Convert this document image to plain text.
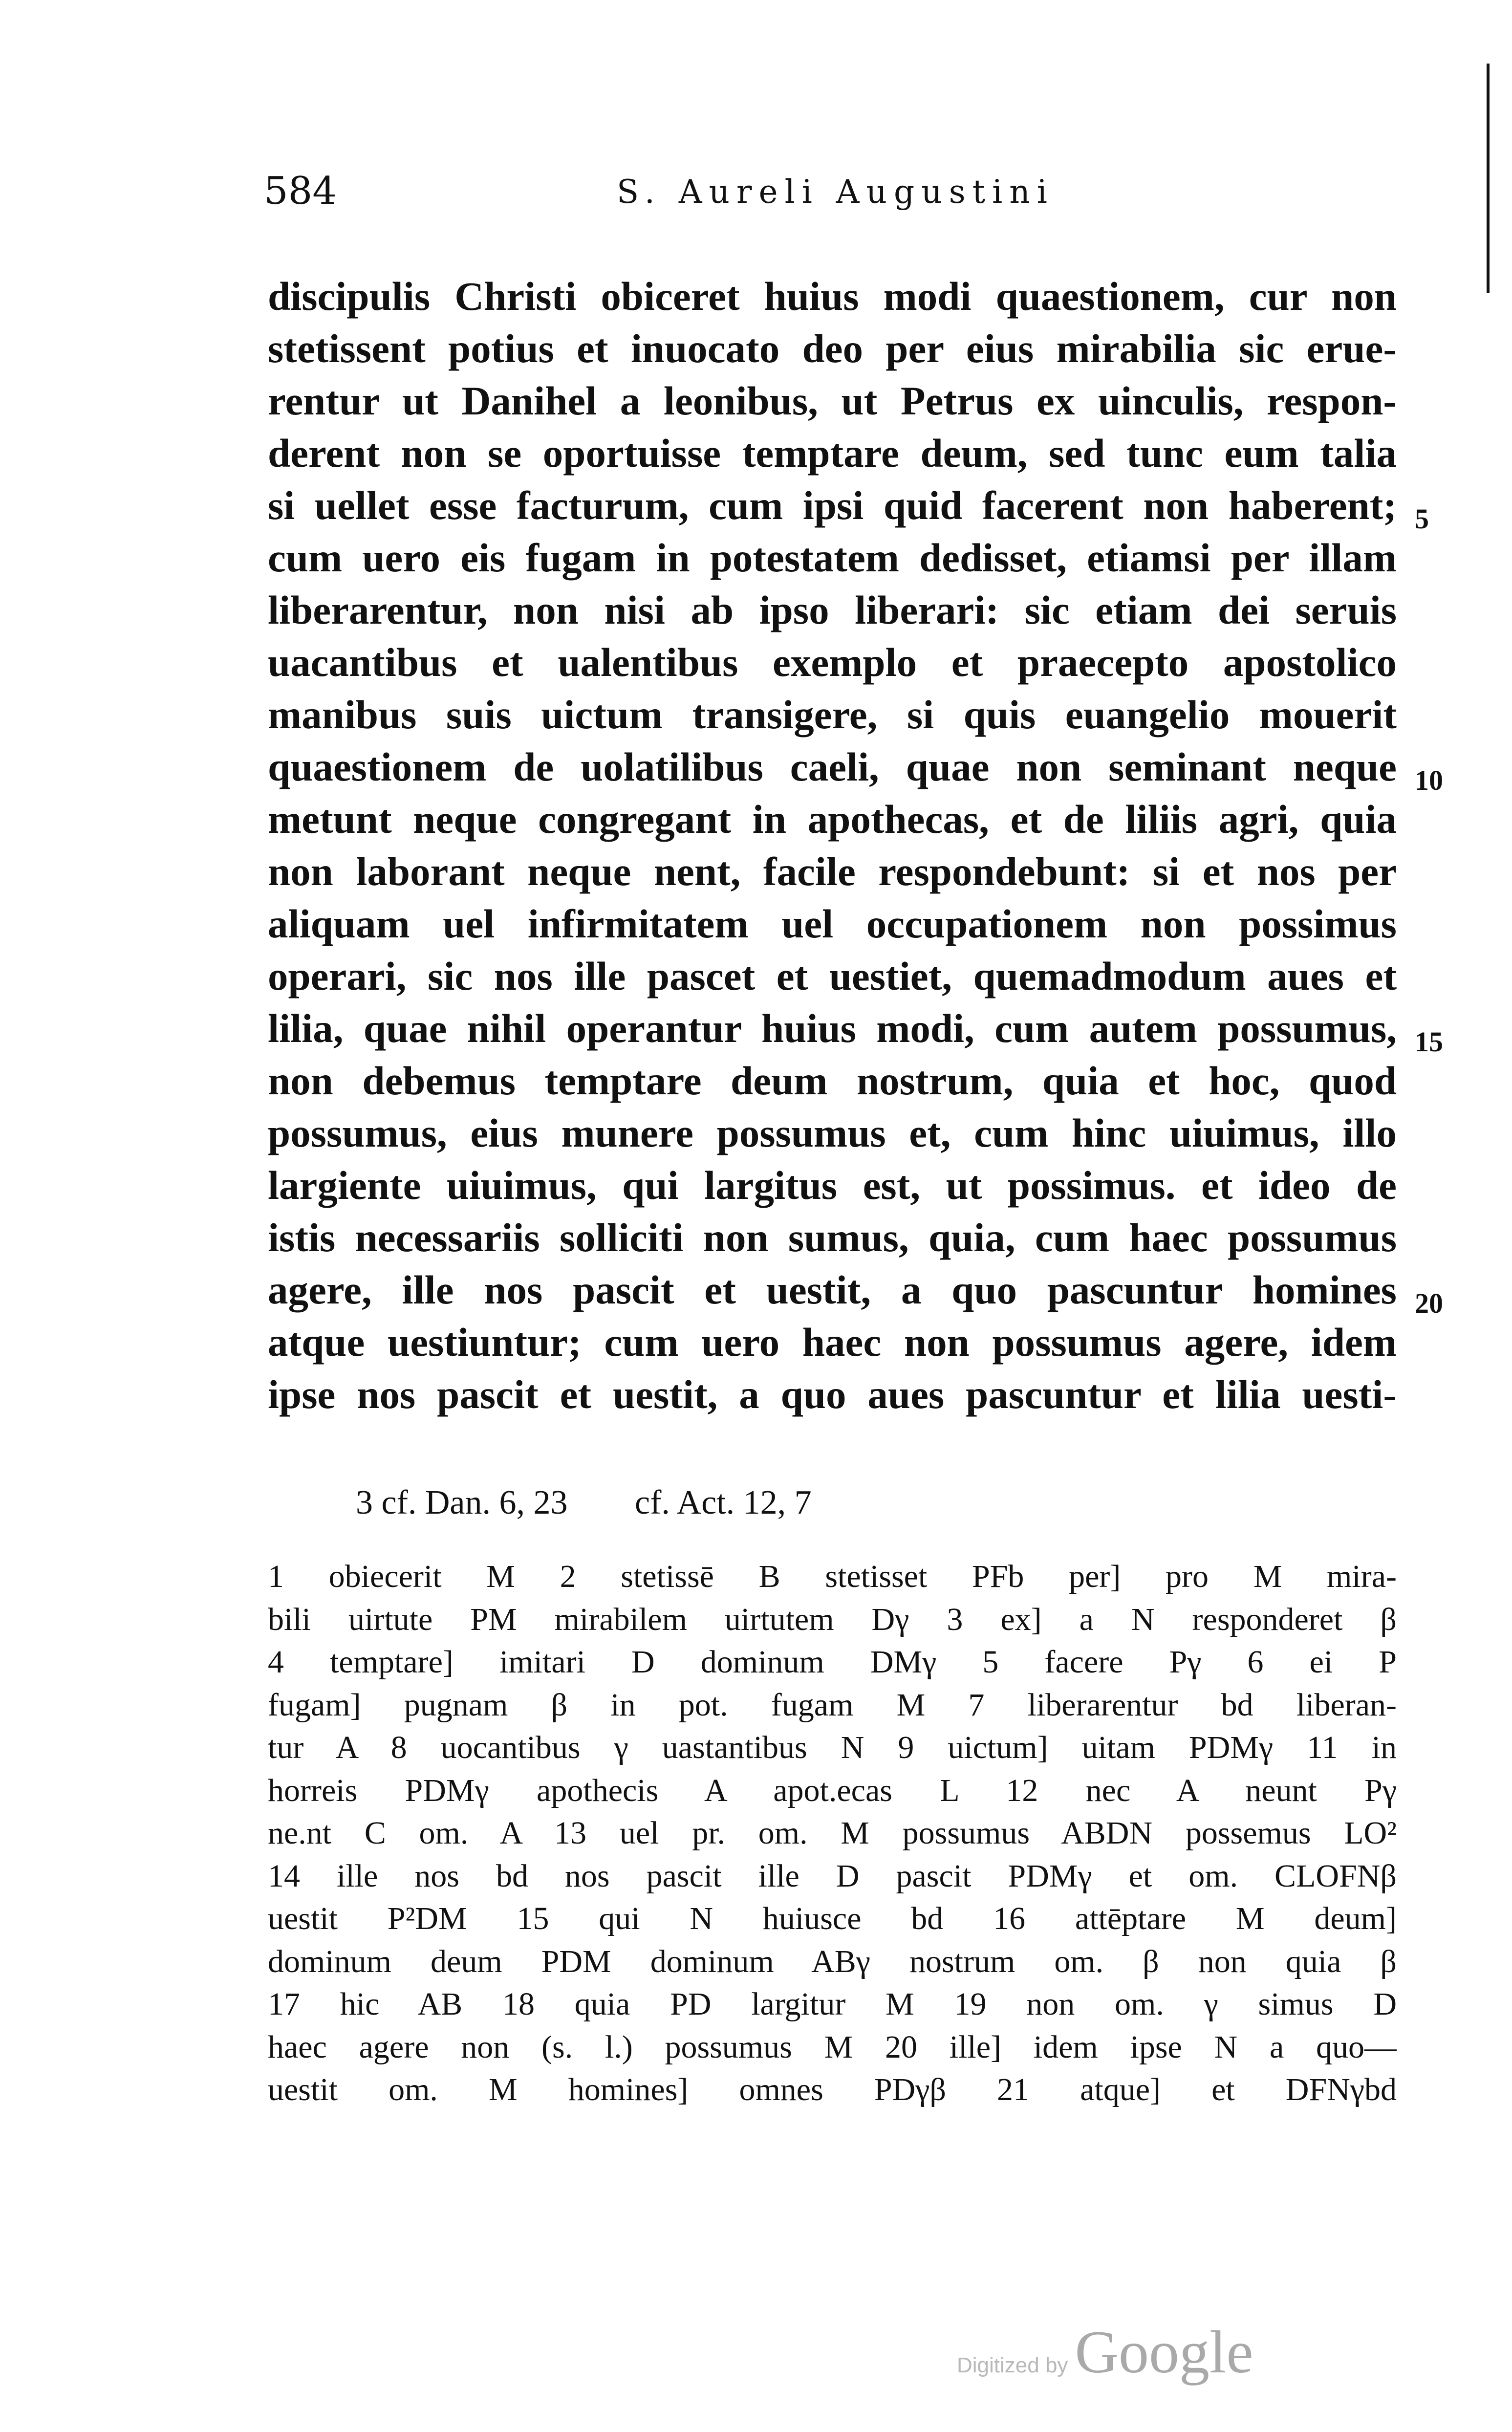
584	S. Aureli Augustini
discipulis Christi obiceret huius modi quaestionem, cur non
stetissent potius et inuocato deo per eius mirabilia sic erue-
rentur ut Danihel a leonibus, ut Petrus ex uinculis, respon-
derent non se oportuisse temptare deum, sed tunc eum talia
si uellet esse facturum, cum ipsi quid facerent non haberent;
cum uero eis fugam in potestatem dedisset, etiamsi per illam
liberarentur, non nisi ab ipso liberari: sic etiam dei seruis
uacantibus et ualentibus exemplo et praecepto apostolico
manibus suis uictum transigere, si quis euangelio mouerit
quaestionem de uolatilibus caeli, quae non seminant neque
metunt neque congregant in apothecas, et de liliis agri, quia
non laborant neque nent, facile respondebunt: si et nos per
aliquam uel infirmitatem uel occupationem non possimus
operari, sic nos ille pascet et uestiet, quemadmodum aues et
lilia, quae nihil operantur huius modi, cum autem possumus,
non debemus temptare deum nostrum, quia et hoc, quod
possumus, eius munere possumus et, cum hinc uiuimus, illo
largiente uiuimus, qui largitus est, ut possimus. et ideo de
istis necessariis solliciti non sumus, quia, cum haec possumus
agere, ille nos pascit et uestit, a quo pascuntur homines
atque uestiuntur; cum uero haec non possumus agere, idem
ipse nos pascit et uestit, a quo aues pascuntur et lilia uesti-
5
10
15
20
3 cf. Dan. 6, 23 cf. Act. 12, 7
1 obiecerit M 2 stetissē B stetisset PFb per] pro M mira-
bili uirtute PM mirabilem uirtutem Dγ 3 ex] a N responderet β
4 temptare] imitari D dominum DMγ 5 facere Pγ 6 ei P
fugam] pugnam β in pot. fugam M 7 liberarentur bd liberan-
tur A 8 uocantibus γ uastantibus N 9 uictum] uitam PDMγ 11 in
horreis PDMγ apothecis A apot.ecas L 12 nec A neunt Pγ
ne.nt C om. A 13 uel pr. om. M possumus ABDN possemus LO²
14 ille nos bd nos pascit ille D pascit PDMγ et om. CLOFNβ
uestit P²DM 15 qui N huiusce bd 16 attēptare M deum]
dominum deum PDM dominum ABγ nostrum om. β non quia β
17 hic AB 18 quia PD largitur M 19 non om. γ simus D
haec agere non (s. l.) possumus M 20 ille] idem ipse N a quo—
uestit om. M homines] omnes PDγβ 21 atque] et DFNγbd
Digitized by Google
